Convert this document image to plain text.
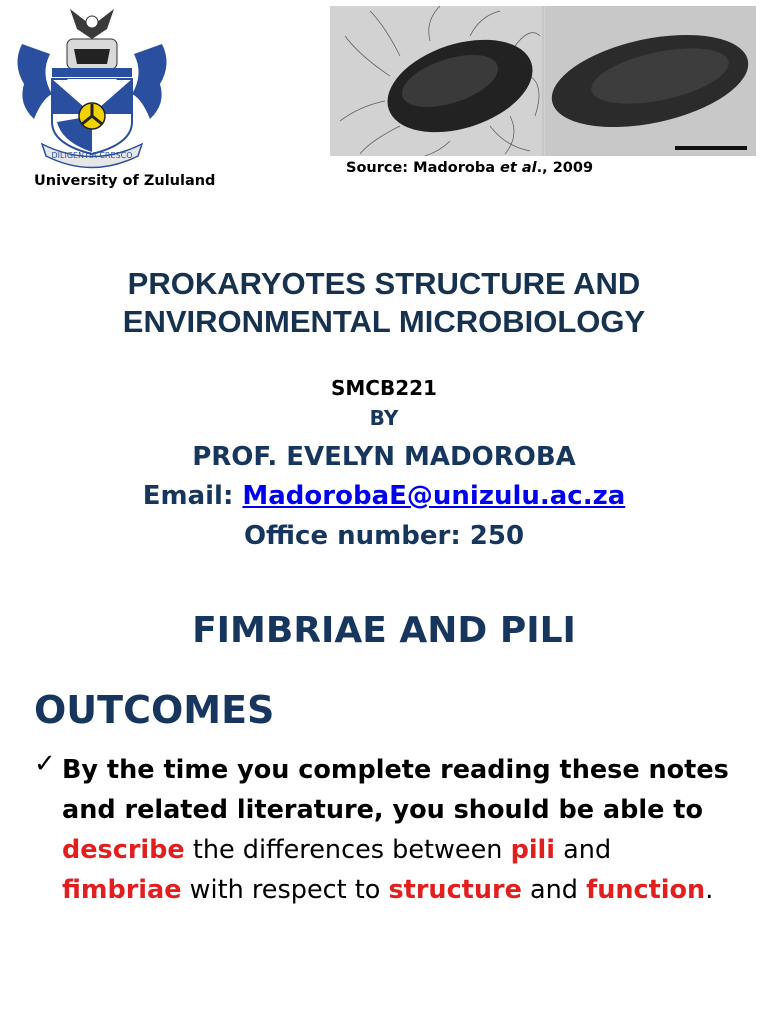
DILIGENTIA CRESCO
University of Zululand
Source: Madoroba et al., 2009
PROKARYOTES STRUCTURE AND
ENVIRONMENTAL MICROBIOLOGY
SMCB221
BY
PROF. EVELYN MADOROBA
Email: MadorobaE@unizulu.ac.za
Office number: 250
FIMBRIAE AND PILI
OUTCOMES
✓ By the time you complete reading these notes
and related literature, you should be able to
describe the differences between pili and
fimbriae with respect to structure and function.
